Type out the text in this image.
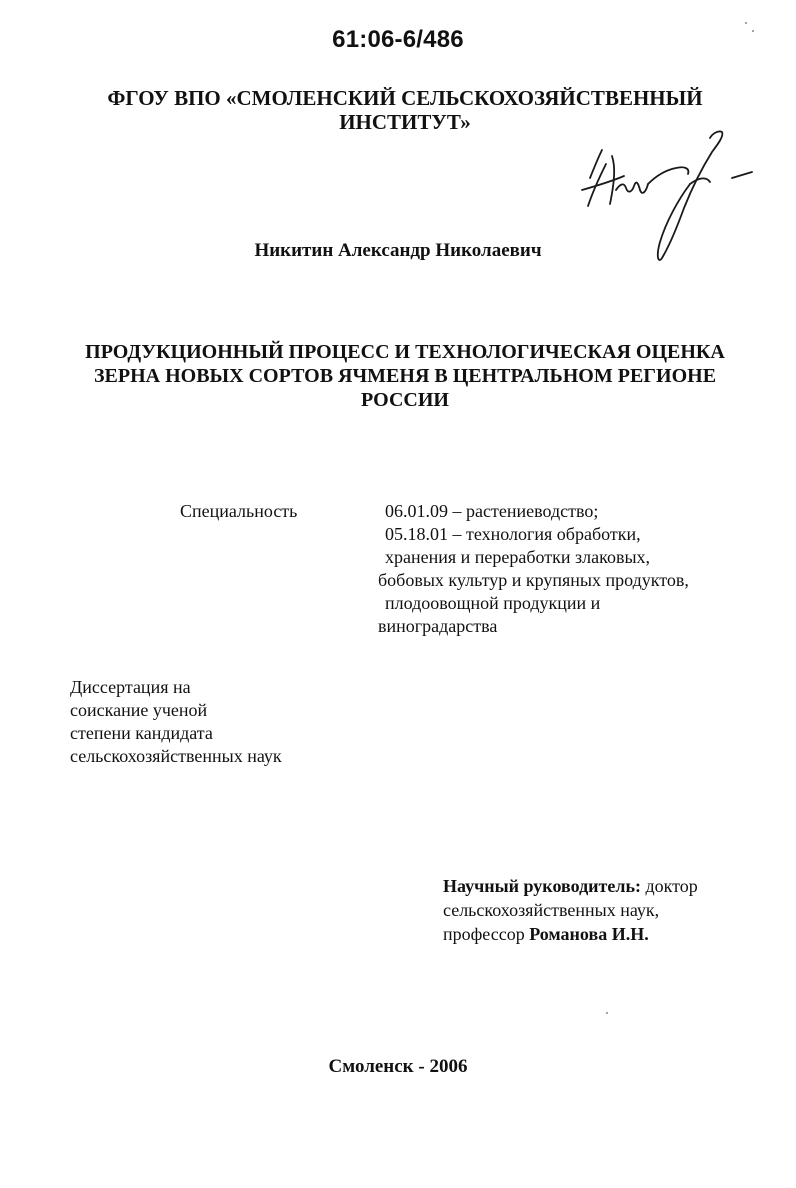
61:06-6/486
ФГОУ ВПО «СМОЛЕНСКИЙ СЕЛЬСКОХОЗЯЙСТВЕННЫЙ
ИНСТИТУТ»
Никитин Александр Николаевич
ПРОДУКЦИОННЫЙ ПРОЦЕСС И ТЕХНОЛОГИЧЕСКАЯ ОЦЕНКА
ЗЕРНА НОВЫХ СОРТОВ ЯЧМЕНЯ В ЦЕНТРАЛЬНОМ РЕГИОНЕ
РОССИИ
Специальность	06.01.09 – растениеводство;
05.18.01 – технология обработки,
хранения и переработки злаковых,
бобовых культур и крупяных продуктов,
плодоовощной продукции и
виноградарства
Диссертация на
соискание ученой
степени кандидата
сельскохозяйственных наук
Научный руководитель: доктор
сельскохозяйственных наук,
профессор Романова И.Н.
Смоленск - 2006
